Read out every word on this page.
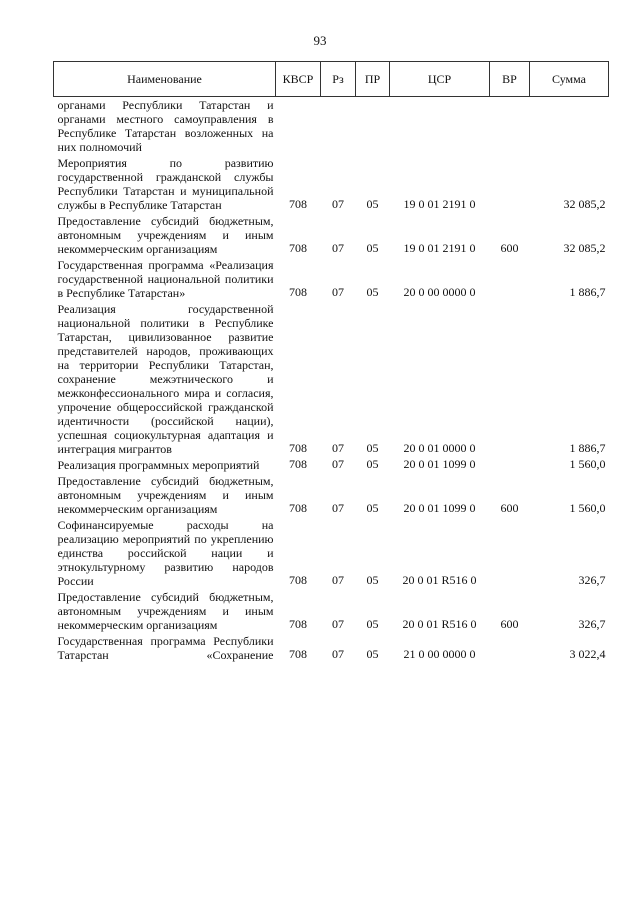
93
Наименование	КВСР	Рз	ПР	ЦСР	ВР	Сумма
органами Республики Татарстан и органами местного самоуправления в Республике Татарстан возложенных на них полномочий						
Мероприятия по развитию государственной гражданской службы Республики Татарстан и муниципальной службы в Республике Татарстан	708	07	05	19 0 01 2191 0		32 085,2
Предоставление субсидий бюджетным, автономным учреждениям и иным некоммерческим организациям	708	07	05	19 0 01 2191 0	600	32 085,2
Государственная программа «Реализация государственной национальной политики в Республике Татарстан»	708	07	05	20 0 00 0000 0		1 886,7
Реализация государственной национальной политики в Республике Татарстан, цивилизованное развитие представителей народов, проживающих на территории Республики Татарстан, сохранение межэтнического и межконфессионального мира и согласия, упрочение общероссийской гражданской идентичности (российской нации), успешная социокультурная адаптация и интеграция мигрантов	708	07	05	20 0 01 0000 0		1 886,7
Реализация программных мероприятий	708	07	05	20 0 01 1099 0		1 560,0
Предоставление субсидий бюджетным, автономным учреждениям и иным некоммерческим организациям	708	07	05	20 0 01 1099 0	600	1 560,0
Софинансируемые расходы на реализацию мероприятий по укреплению единства российской нации и этнокультурному развитию народов России	708	07	05	20 0 01 R516 0		326,7
Предоставление субсидий бюджетным, автономным учреждениям и иным некоммерческим организациям	708	07	05	20 0 01 R516 0	600	326,7
Государственная программа Республики Татарстан «Сохранение	708	07	05	21 0 00 0000 0		3 022,4
